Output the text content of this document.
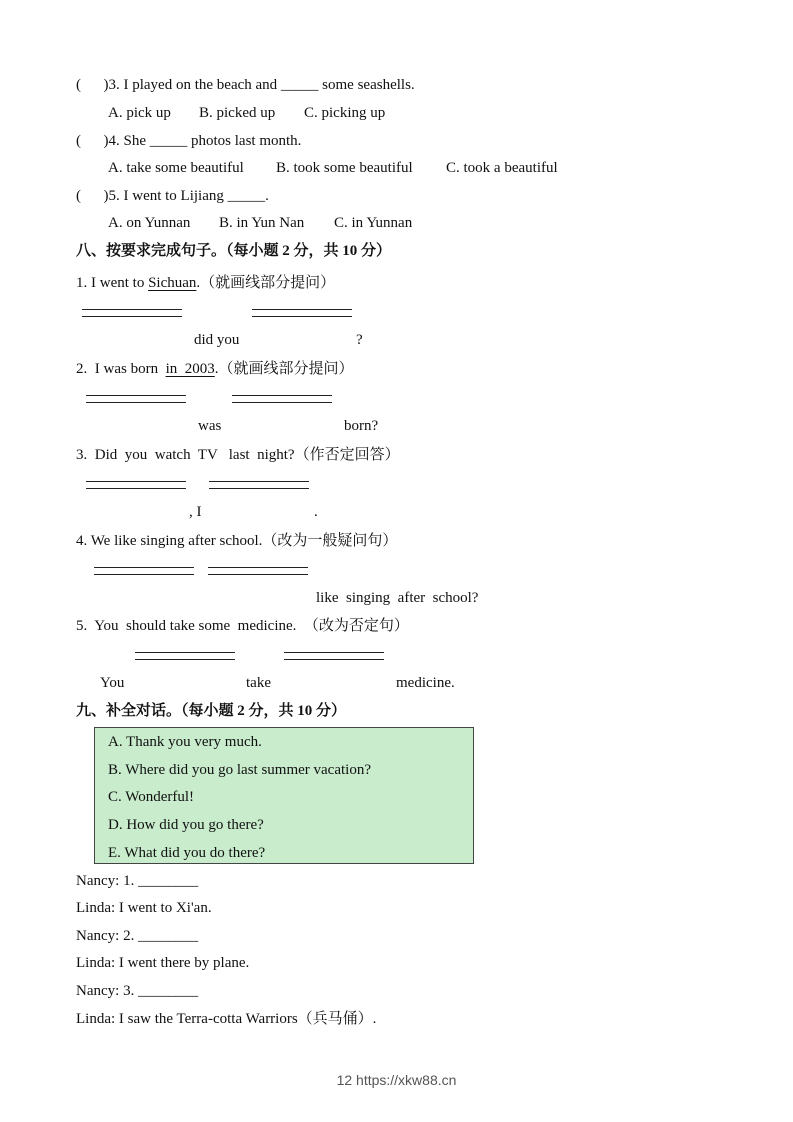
(      )3. I played on the beach and _____ some seashells.
A. pick up B. picked up C. picking up
(      )4. She _____ photos last month.
A. take some beautiful B. took some beautiful C. took a beautiful
(      )5. I went to Lijiang _____.
A. on Yunnan B. in Yun Nan C. in Yunnan
八、按要求完成句子。（每小题 2 分，共 10 分）
1. I went to Sichuan.（就画线部分提问）
did you	?
2.  I was born  in  2003.（就画线部分提问）
was	born?
3.  Did  you  watch  TV   last  night?（作否定回答）
, I	.
4. We like singing after school.（改为一般疑问句）
like  singing  after  school?
5.  You  should take some  medicine.  （改为否定句）
You	take	medicine.
九、补全对话。（每小题 2 分，共 10 分）
A. Thank you very much.
B. Where did you go last summer vacation?
C. Wonderful!
D. How did you go there?
E. What did you do there?
Nancy: 1. ________
Linda: I went to Xi'an.
Nancy: 2. ________
Linda: I went there by plane.
Nancy: 3. ________
Linda: I saw the Terra-cotta Warriors（兵马俑）.
12 https://xkw88.cn
